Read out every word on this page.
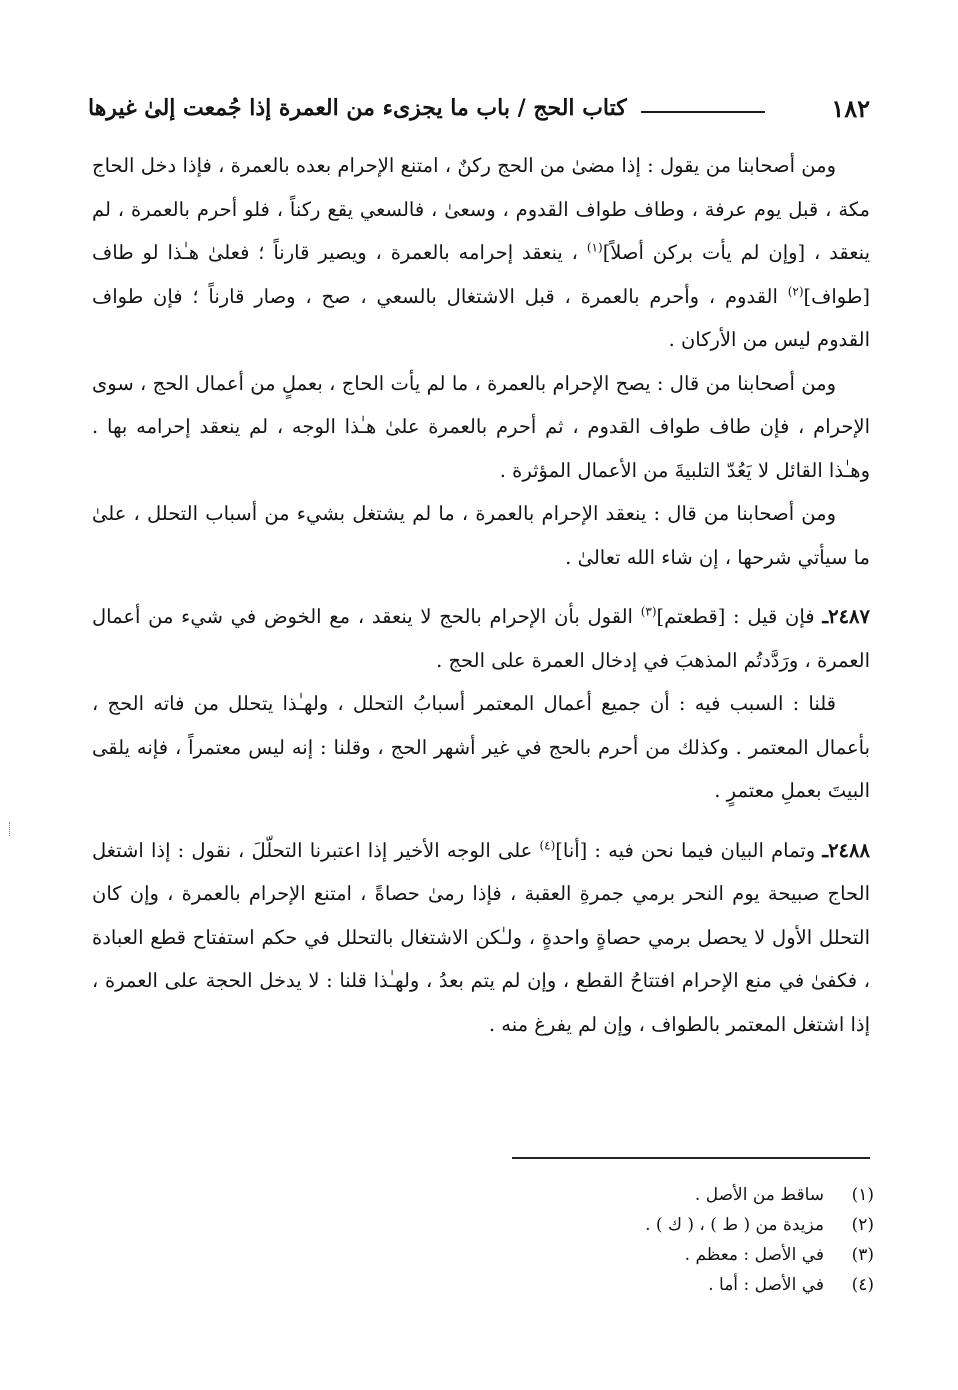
١٨٢
كتاب الحج / باب ما يجزىء من العمرة إذا جُمعت إلىٰ غيرها

ومن أصحابنا من يقول : إذا مضىٰ من الحج ركنٌ ، امتنع الإحرام بعده بالعمرة ، فإذا دخل الحاج مكة ، قبل يوم عرفة ، وطاف طواف القدوم ، وسعىٰ ، فالسعي يقع ركناً ، فلو أحرم بالعمرة ، لم ينعقد ، [وإن لم يأت بركن أصلاً]$^{(١)}$ ، ينعقد إحرامه بالعمرة ، ويصير قارناً ؛ فعلىٰ هـٰذا لو طاف [طواف]$^{(٢)}$ القدوم ، وأحرم بالعمرة ، قبل الاشتغال بالسعي ، صح ، وصار قارناً ؛ فإن طواف القدوم ليس من الأركان .

ومن أصحابنا من قال : يصح الإحرام بالعمرة ، ما لم يأت الحاج ، بعملٍ من أعمال الحج ، سوى الإحرام ، فإن طاف طواف القدوم ، ثم أحرم بالعمرة علىٰ هـٰذا الوجه ، لم ينعقد إحرامه بها . وهـٰذا القائل لا يَعُدّ التلبيةَ من الأعمال المؤثرة .

ومن أصحابنا من قال : ينعقد الإحرام بالعمرة ، ما لم يشتغل بشيء من أسباب التحلل ، علىٰ ما سيأتي شرحها ، إن شاء الله تعالىٰ .

٢٤٨٧ـ فإن قيل : [قطعتم]$^{(٣)}$ القول بأن الإحرام بالحج لا ينعقد ، مع الخوض في شيء من أعمال العمرة ، ورَدَّدتُم المذهبَ في إدخال العمرة على الحج .

قلنا : السبب فيه : أن جميع أعمال المعتمر أسبابُ التحلل ، ولهـٰذا يتحلل من فاته الحج ، بأعمال المعتمر . وكذلك من أحرم بالحج في غير أشهر الحج ، وقلنا : إنه ليس معتمراً ، فإنه يلقى البيتَ بعملِ معتمرٍ .

٢٤٨٨ـ وتمام البيان فيما نحن فيه : [أنا]$^{(٤)}$ على الوجه الأخير إذا اعتبرنا التحلّلَ ، نقول : إذا اشتغل الحاج صبيحة يوم النحر برمي جمرةِ العقبة ، فإذا رمىٰ حصاةً ، امتنع الإحرام بالعمرة ، وإن كان التحلل الأول لا يحصل برمي حصاةٍ واحدةٍ ، ولـٰكن الاشتغال بالتحلل في حكم استفتاح قطع العبادة ، فكفىٰ في منع الإحرام افتتاحُ القطع ، وإن لم يتم بعدُ ، ولهـٰذا قلنا : لا يدخل الحجة على العمرة ، إذا اشتغل المعتمر بالطواف ، وإن لم يفرغ منه .

(١)
ساقط من الأصل .
(٢)
مزيدة من ( ط ) ، ( ك ) .
(٣)
في الأصل : معظم .
(٤)
في الأصل : أما .
